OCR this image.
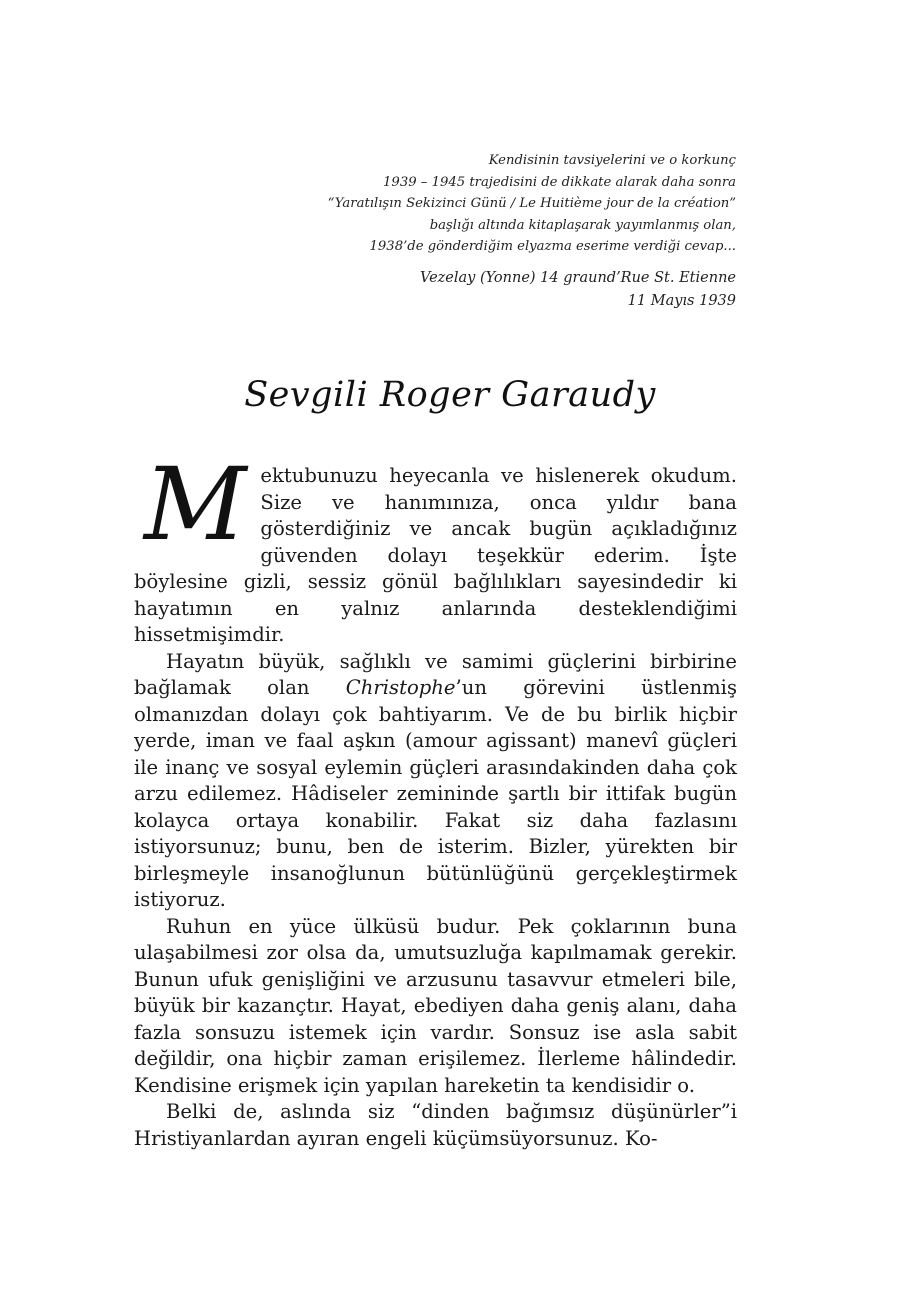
Kendisinin tavsiyelerini ve o korkunç
1939 – 1945 trajedisini de dikkate alarak daha sonra
“Yaratılışın Sekizinci Günü / Le Huitième jour de la création”
başlığı altında kitaplaşarak yayımlanmış olan,
1938’de gönderdiğim elyazma eserime verdiği cevap...
Vezelay (Yonne) 14 graund’Rue St. Etienne
11 Mayıs 1939
Sevgili Roger Garaudy

Mektubunuzu heyecanla ve hislenerek okudum. Size ve hanımınıza, onca yıldır bana gösterdiğiniz ve ancak bugün açıkladığınız güvenden dolayı teşekkür ederim. İşte böylesine gizli, sessiz gönül bağlılıkları sayesindedir ki hayatımın en yalnız anlarında desteklendiğimi hissetmişimdir.

Hayatın büyük, sağlıklı ve samimi güçlerini birbirine bağlamak olan Christophe’un görevini üstlenmiş olmanızdan dolayı çok bahtiyarım. Ve de bu birlik hiçbir yerde, iman ve faal aşkın (amour agissant) manevî güçleri ile inanç ve sosyal eylemin güçleri arasındakinden daha çok arzu edilemez. Hâdiseler zemininde şartlı bir ittifak bugün kolayca ortaya konabilir. Fakat siz daha fazlasını istiyorsunuz; bunu, ben de isterim. Bizler, yürekten bir birleşmeyle insanoğlunun bütünlüğünü gerçekleştirmek istiyoruz.

Ruhun en yüce ülküsü budur. Pek çoklarının buna ulaşabilmesi zor olsa da, umutsuzluğa kapılmamak gerekir. Bunun ufuk genişliğini ve arzusunu tasavvur etmeleri bile, büyük bir kazançtır. Hayat, ebediyen daha geniş alanı, daha fazla sonsuzu istemek için vardır. Sonsuz ise asla sabit değildir, ona hiçbir zaman erişilemez. İlerleme hâlindedir. Kendisine erişmek için yapılan hareketin ta kendisidir o.

Belki de, aslında siz “dinden bağımsız düşünürler”i Hristiyanlardan ayıran engeli küçümsüyorsunuz. Ko-
